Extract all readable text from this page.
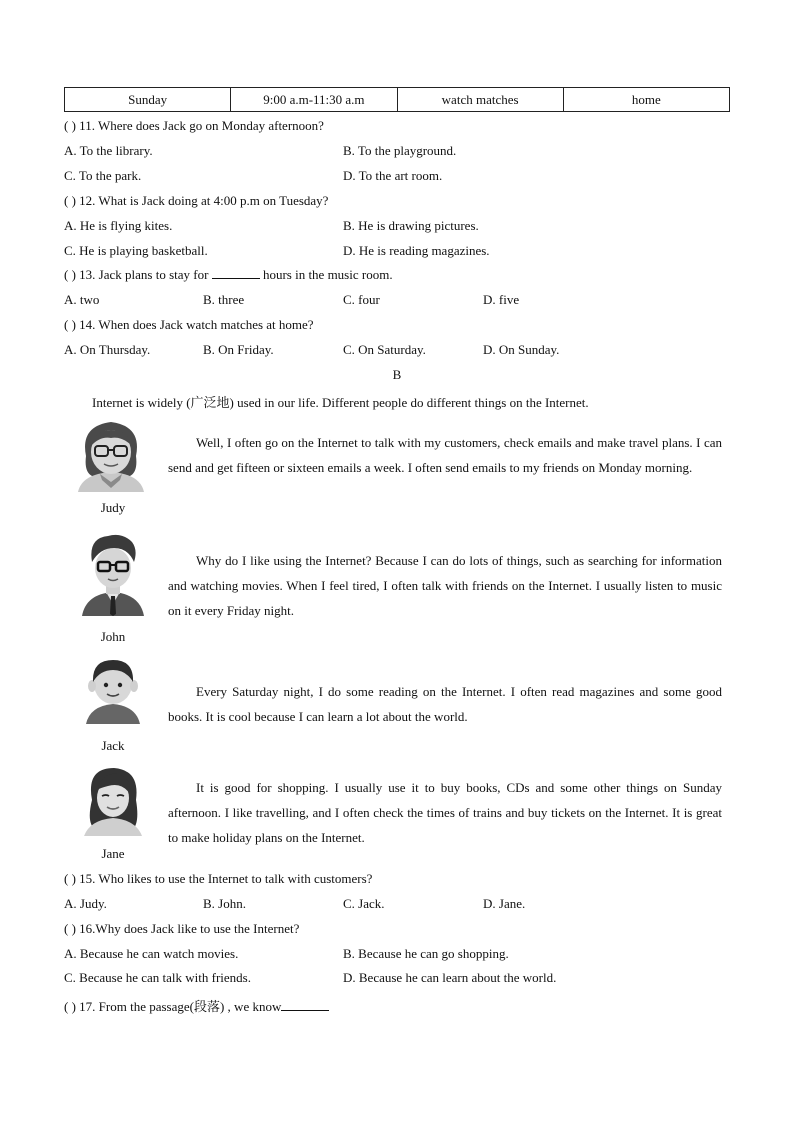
Sunday	9:00 a.m-11:30 a.m	watch matches	home
( ) 11. Where does Jack go on Monday afternoon?
A. To the library.	B. To the playground.
C. To the park.	D. To the art room.
( ) 12. What is Jack doing at 4:00 p.m on Tuesday?
A. He is flying kites.	B. He is drawing pictures.
C. He is playing basketball.	D. He is reading magazines.
( ) 13. Jack plans to stay for	hours in the music room.
A. two	B. three	C. four	D. five
( ) 14. When does Jack watch matches at home?
A. On Thursday.	B. On Friday.	C. On Saturday.	D. On Sunday.
B
Internet is widely (广泛地) used in our life. Different people do different things on the Internet.
Judy
Well, I often go on the Internet to talk with my customers, check emails and make travel plans. I can send and get fifteen or sixteen emails a week. I often send emails to my friends on Monday morning.
John
Why do I like using the Internet? Because I can do lots of things, such as searching for information and watching movies. When I feel tired, I often talk with friends on the Internet. I usually listen to music on it every Friday night.
Jack
Every Saturday night, I do some reading on the Internet. I often read magazines and some good books. It is cool because I can learn a lot about the world.
Jane
It is good for shopping. I usually use it to buy books, CDs and some other things on Sunday afternoon. I like travelling, and I often check the times of trains and buy tickets on the Internet. It is great to make holiday plans on the Internet.
( ) 15. Who likes to use the Internet to talk with customers?
A. Judy.	B. John.	C. Jack.	D. Jane.
( ) 16.Why does Jack like to use the Internet?
A. Because he can watch movies.	B. Because he can go shopping.
C. Because he can talk with friends.	D. Because he can learn about the world.
( ) 17. From the passage(段落) , we know
